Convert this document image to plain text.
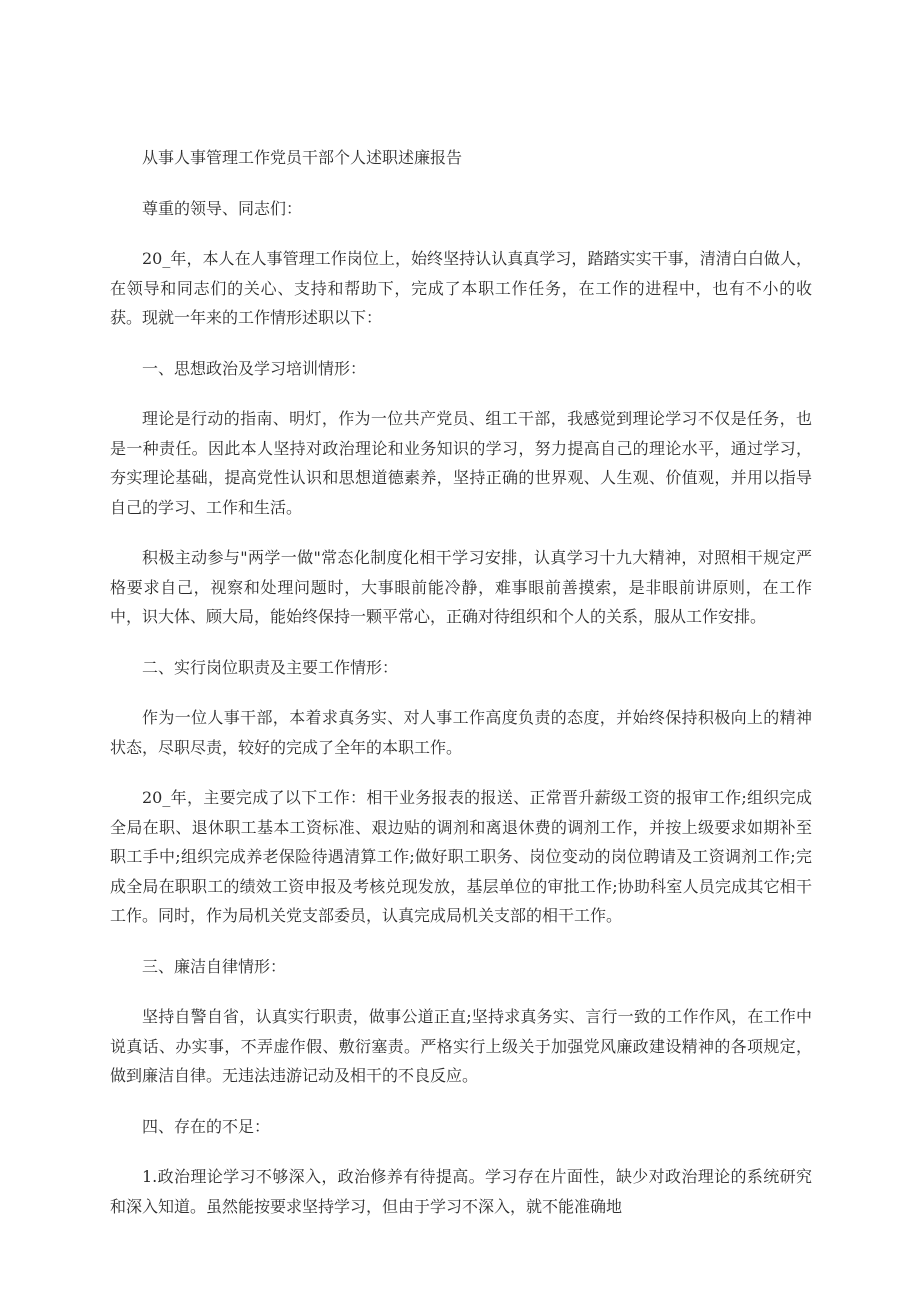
从事人事管理工作党员干部个人述职述廉报告

尊重的领导、同志们：

20_年，本人在人事管理工作岗位上，始终坚持认认真真学习，踏踏实实干事，清清白白做人，在领导和同志们的关心、支持和帮助下，完成了本职工作任务，在工作的进程中，也有不小的收获。现就一年来的工作情形述职以下：

一、思想政治及学习培训情形：

理论是行动的指南、明灯，作为一位共产党员、组工干部，我感觉到理论学习不仅是任务，也是一种责任。因此本人坚持对政治理论和业务知识的学习，努力提高自己的理论水平，通过学习，夯实理论基础，提高党性认识和思想道德素养，坚持正确的世界观、人生观、价值观，并用以指导自己的学习、工作和生活。

积极主动参与"两学一做"常态化制度化相干学习安排，认真学习十九大精神，对照相干规定严格要求自己，视察和处理问题时，大事眼前能冷静，难事眼前善摸索，是非眼前讲原则，在工作中，识大体、顾大局，能始终保持一颗平常心，正确对待组织和个人的关系，服从工作安排。

二、实行岗位职责及主要工作情形：

作为一位人事干部，本着求真务实、对人事工作高度负责的态度，并始终保持积极向上的精神状态，尽职尽责，较好的完成了全年的本职工作。

20_年，主要完成了以下工作：相干业务报表的报送、正常晋升薪级工资的报审工作;组织完成全局在职、退休职工基本工资标准、艰边贴的调剂和离退休费的调剂工作，并按上级要求如期补至职工手中;组织完成养老保险待遇清算工作;做好职工职务、岗位变动的岗位聘请及工资调剂工作;完成全局在职职工的绩效工资申报及考核兑现发放，基层单位的审批工作;协助科室人员完成其它相干工作。同时，作为局机关党支部委员，认真完成局机关支部的相干工作。

三、廉洁自律情形：

坚持自警自省，认真实行职责，做事公道正直;坚持求真务实、言行一致的工作作风，在工作中说真话、办实事，不弄虚作假、敷衍塞责。严格实行上级关于加强党风廉政建设精神的各项规定，做到廉洁自律。无违法违游记动及相干的不良反应。

四、存在的不足：

1.政治理论学习不够深入，政治修养有待提高。学习存在片面性，缺少对政治理论的系统研究和深入知道。虽然能按要求坚持学习，但由于学习不深入，就不能准确地
